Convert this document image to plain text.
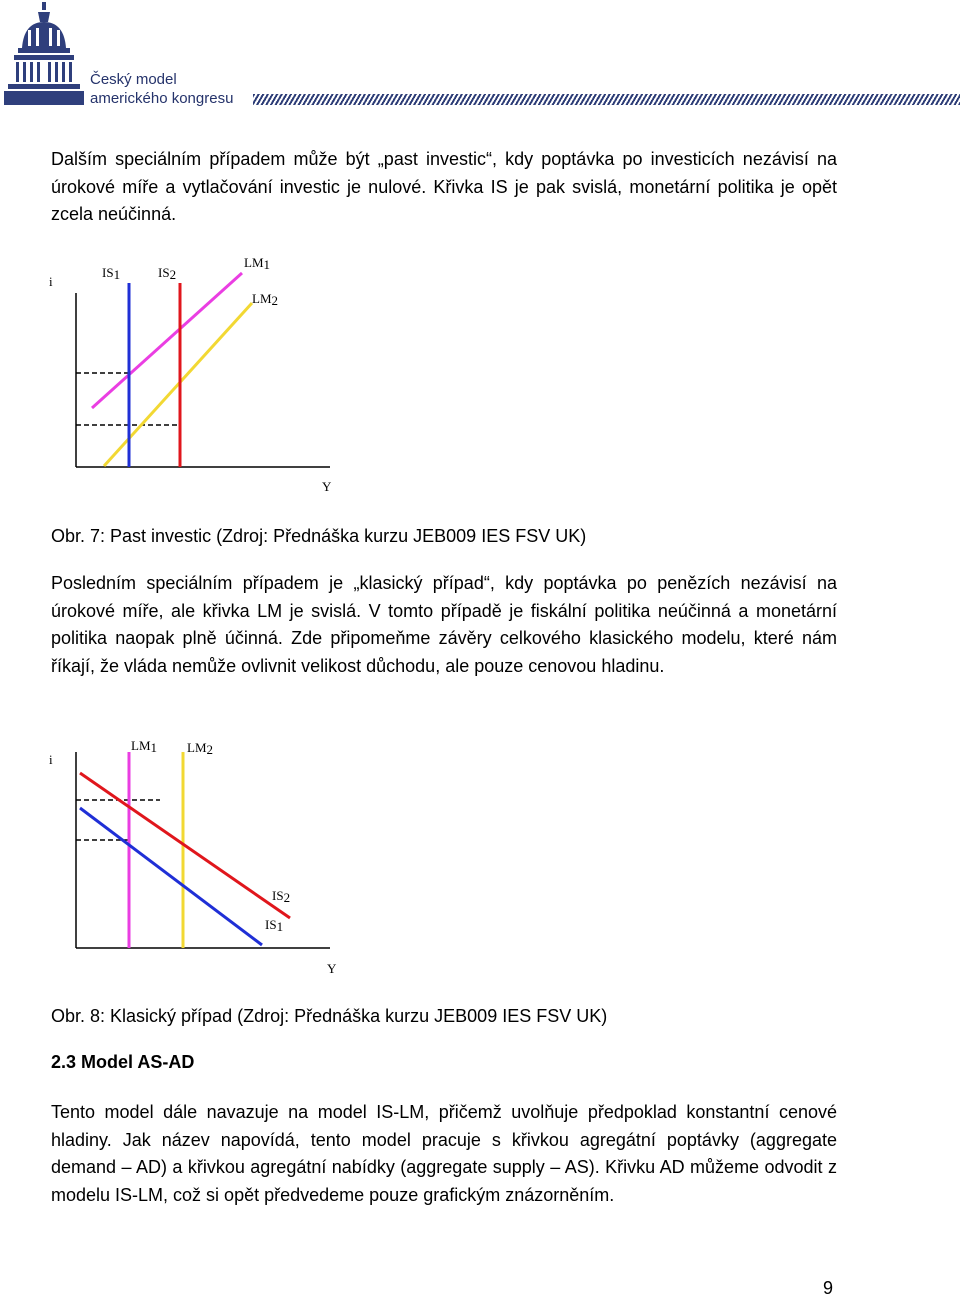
Český model
amerického kongresu

Dalším speciálním případem může být „past investic“, kdy poptávka po investicích nezávisí na úrokové míře a vytlačování investic je nulové. Křivka IS je pak svislá, monetární politika je opět zcela neúčinná.

i
IS1	IS2
LM1
LM2
Y

Obr. 7: Past investic (Zdroj: Přednáška kurzu JEB009 IES FSV UK)

Posledním speciálním případem je „klasický případ“, kdy poptávka po penězích nezávisí na úrokové míře, ale křivka LM je svislá. V tomto případě je fiskální politika neúčinná a monetární politika naopak plně účinná. Zde připomeňme závěry celkového klasického modelu, které nám říkají, že vláda nemůže ovlivnit velikost důchodu, ale pouze cenovou hladinu.

i
LM1 LM2
IS2
IS1
Y

Obr. 8: Klasický případ (Zdroj: Přednáška kurzu JEB009 IES FSV UK)

2.3 Model AS-AD

Tento model dále navazuje na model IS-LM, přičemž uvolňuje předpoklad konstantní cenové hladiny. Jak název napovídá, tento model pracuje s křivkou agregátní poptávky (aggregate demand – AD) a křivkou agregátní nabídky (aggregate supply – AS). Křivku AD můžeme odvodit z modelu IS-LM, což si opět předvedeme pouze grafickým znázorněním.

9
